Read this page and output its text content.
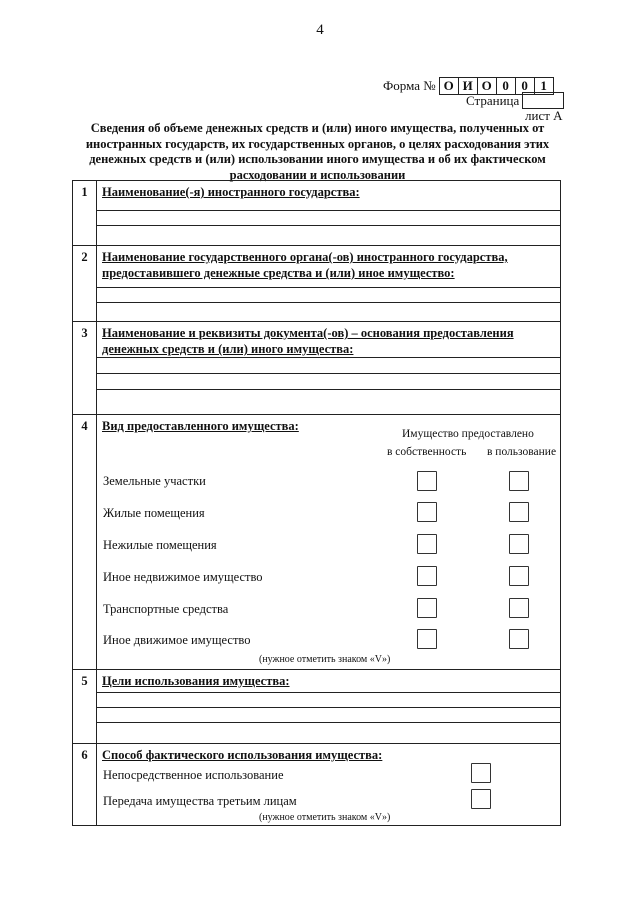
4
Форма № О И О 0 0 1
Страница
лист А
Сведения об объеме денежных средств и (или) иного имущества, полученных от иностранных государств, их государственных органов, о целях расходования этих денежных средств и (или) использовании иного имущества и об их фактическом расходовании и использовании
1	Наименование(-я) иностранного государства:
2	Наименование государственного органа(-ов) иностранного государства, предоставившего денежные средства и (или) иное имущество:
3	Наименование и реквизиты документа(-ов) – основания предоставления денежных средств и (или) иного имущества:
4	Вид предоставленного имущества:
Имущество предоставлено
в собственность в пользование
Земельные участки
Жилые помещения
Нежилые помещения
Иное недвижимое имущество
Транспортные средства
Иное движимое имущество
(нужное отметить знаком «V»)
5	Цели использования имущества:
6	Способ фактического использования имущества:
Непосредственное использование
Передача имущества третьим лицам
(нужное отметить знаком «V»)
